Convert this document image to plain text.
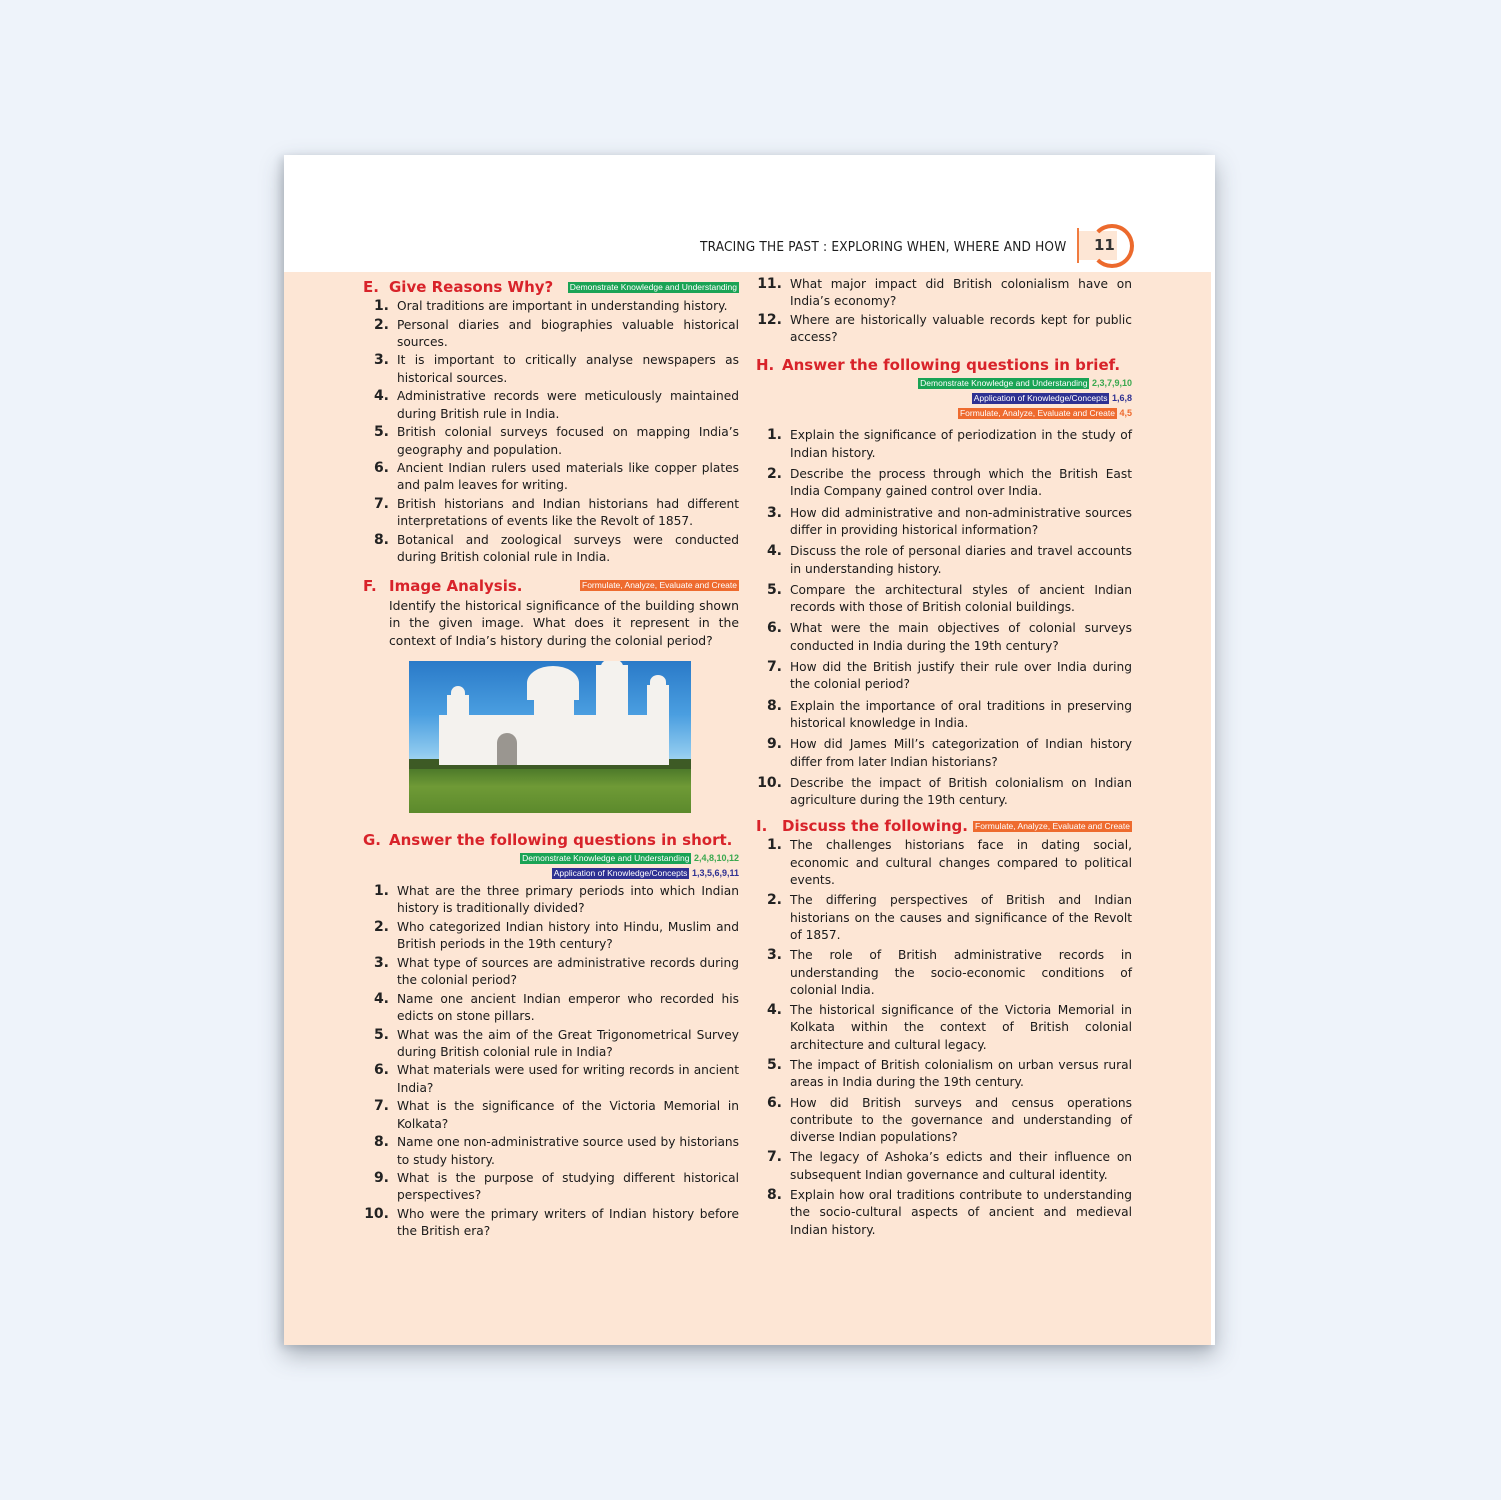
TRACING THE PAST : EXPLORING WHEN, WHERE AND HOW 11
E. Give Reasons Why? Demonstrate Knowledge and Understanding
1. Oral traditions are important in understanding history.
2. Personal diaries and biographies valuable historical sources.
3. It is important to critically analyse newspapers as historical sources.
4. Administrative records were meticulously maintained during British rule in India.
5. British colonial surveys focused on mapping India’s geography and population.
6. Ancient Indian rulers used materials like copper plates and palm leaves for writing.
7. British historians and Indian historians had different interpretations of events like the Revolt of 1857.
8. Botanical and zoological surveys were conducted during British colonial rule in India.
F. Image Analysis.	Formulate, Analyze, Evaluate and Create
Identify the historical significance of the building shown in the given image. What does it represent in the context of India’s history during the colonial period?
G. Answer the following questions in short.
Demonstrate Knowledge and Understanding 2,4,8,10,12
Application of Knowledge/Concepts 1,3,5,6,9,11
1. What are the three primary periods into which Indian history is traditionally divided?
2. Who categorized Indian history into Hindu, Muslim and British periods in the 19th century?
3. What type of sources are administrative records during the colonial period?
4. Name one ancient Indian emperor who recorded his edicts on stone pillars.
5. What was the aim of the Great Trigonometrical Survey during British colonial rule in India?
6. What materials were used for writing records in ancient India?
7. What is the significance of the Victoria Memorial in Kolkata?
8. Name one non-administrative source used by historians to study history.
9. What is the purpose of studying different historical perspectives?
10. Who were the primary writers of Indian history before the British era?
11. What major impact did British colonialism have on India’s economy?
12. Where are historically valuable records kept for public access?
H. Answer the following questions in brief.
Demonstrate Knowledge and Understanding 2,3,7,9,10
Application of Knowledge/Concepts 1,6,8
Formulate, Analyze, Evaluate and Create 4,5
1. Explain the significance of periodization in the study of Indian history.
2. Describe the process through which the British East India Company gained control over India.
3. How did administrative and non-administrative sources differ in providing historical information?
4. Discuss the role of personal diaries and travel accounts in understanding history.
5. Compare the architectural styles of ancient Indian records with those of British colonial buildings.
6. What were the main objectives of colonial surveys conducted in India during the 19th century?
7. How did the British justify their rule over India during the colonial period?
8. Explain the importance of oral traditions in preserving historical knowledge in India.
9. How did James Mill’s categorization of Indian history differ from later Indian historians?
10. Describe the impact of British colonialism on Indian agriculture during the 19th century.
I. Discuss the following. Formulate, Analyze, Evaluate and Create
1. The challenges historians face in dating social, economic and cultural changes compared to political events.
2. The differing perspectives of British and Indian historians on the causes and significance of the Revolt of 1857.
3. The role of British administrative records in understanding the socio-economic conditions of colonial India.
4. The historical significance of the Victoria Memorial in Kolkata within the context of British colonial architecture and cultural legacy.
5. The impact of British colonialism on urban versus rural areas in India during the 19th century.
6. How did British surveys and census operations contribute to the governance and understanding of diverse Indian populations?
7. The legacy of Ashoka’s edicts and their influence on subsequent Indian governance and cultural identity.
8. Explain how oral traditions contribute to understanding the socio-cultural aspects of ancient and medieval Indian history.
